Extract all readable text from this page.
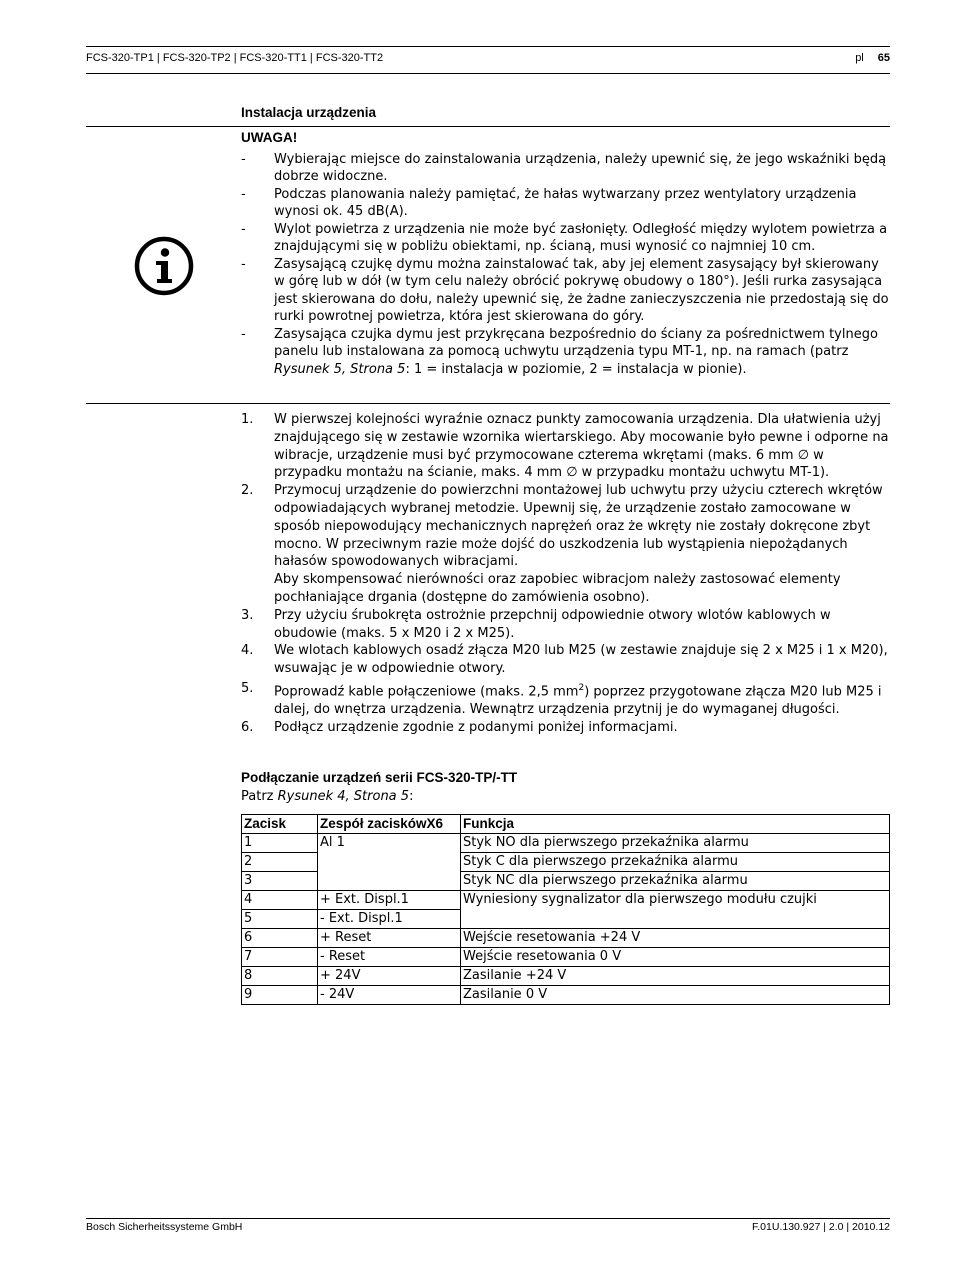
FCS-320-TP1 | FCS-320-TP2 | FCS-320-TT1 | FCS-320-TT2	pl 65
Instalacja urządzenia
UWAGA!
- Wybierając miejsce do zainstalowania urządzenia, należy upewnić się, że jego wskaźniki będą dobrze widoczne.
- Podczas planowania należy pamiętać, że hałas wytwarzany przez wentylatory urządzenia wynosi ok. 45 dB(A).
- Wylot powietrza z urządzenia nie może być zasłonięty. Odległość między wylotem powietrza a znajdującymi się w pobliżu obiektami, np. ścianą, musi wynosić co najmniej 10 cm.
- Zasysającą czujkę dymu można zainstalować tak, aby jej element zasysający był skierowany w górę lub w dół (w tym celu należy obrócić pokrywę obudowy o 180°). Jeśli rurka zasysająca jest skierowana do dołu, należy upewnić się, że żadne zanieczyszczenia nie przedostają się do rurki powrotnej powietrza, która jest skierowana do góry.
- Zasysająca czujka dymu jest przykręcana bezpośrednio do ściany za pośrednictwem tylnego panelu lub instalowana za pomocą uchwytu urządzenia typu MT-1, np. na ramach (patrz Rysunek 5, Strona 5: 1 = instalacja w poziomie, 2 = instalacja w pionie).
1. W pierwszej kolejności wyraźnie oznacz punkty zamocowania urządzenia. Dla ułatwienia użyj znajdującego się w zestawie wzornika wiertarskiego. Aby mocowanie było pewne i odporne na wibracje, urządzenie musi być przymocowane czterema wkrętami (maks. 6 mm ∅ w przypadku montażu na ścianie, maks. 4 mm ∅ w przypadku montażu uchwytu MT-1).
2. Przymocuj urządzenie do powierzchni montażowej lub uchwytu przy użyciu czterech wkrętów odpowiadających wybranej metodzie. Upewnij się, że urządzenie zostało zamocowane w sposób niepowodujący mechanicznych naprężeń oraz że wkręty nie zostały dokręcone zbyt mocno. W przeciwnym razie może dojść do uszkodzenia lub wystąpienia niepożądanych hałasów spowodowanych wibracjami.
Aby skompensować nierówności oraz zapobiec wibracjom należy zastosować elementy pochłaniające drgania (dostępne do zamówienia osobno).
3. Przy użyciu śrubokręta ostrożnie przepchnij odpowiednie otwory wlotów kablowych w obudowie (maks. 5 x M20 i 2 x M25).
4. We wlotach kablowych osadź złącza M20 lub M25 (w zestawie znajduje się 2 x M25 i 1 x M20), wsuwając je w odpowiednie otwory.
5. Poprowadź kable połączeniowe (maks. 2,5 $mm^2$) poprzez przygotowane złącza M20 lub M25 i dalej, do wnętrza urządzenia. Wewnątrz urządzenia przytnij je do wymaganej długości.
6. Podłącz urządzenie zgodnie z podanymi poniżej informacjami.
Podłączanie urządzeń serii FCS-320-TP/-TT
Patrz Rysunek 4, Strona 5:
Zacisk	Zespół zaciskówX6	Funkcja
1	Al 1	Styk NO dla pierwszego przekaźnika alarmu
2		Styk C dla pierwszego przekaźnika alarmu
3		Styk NC dla pierwszego przekaźnika alarmu
4	+ Ext. Displ.1	Wyniesiony sygnalizator dla pierwszego modułu czujki
5	- Ext. Displ.1	
6	+ Reset	Wejście resetowania +24 V
7	- Reset	Wejście resetowania 0 V
8	+ 24V	Zasilanie +24 V
9	- 24V	Zasilanie 0 V
Bosch Sicherheitssysteme GmbH	F.01U.130.927 | 2.0 | 2010.12
